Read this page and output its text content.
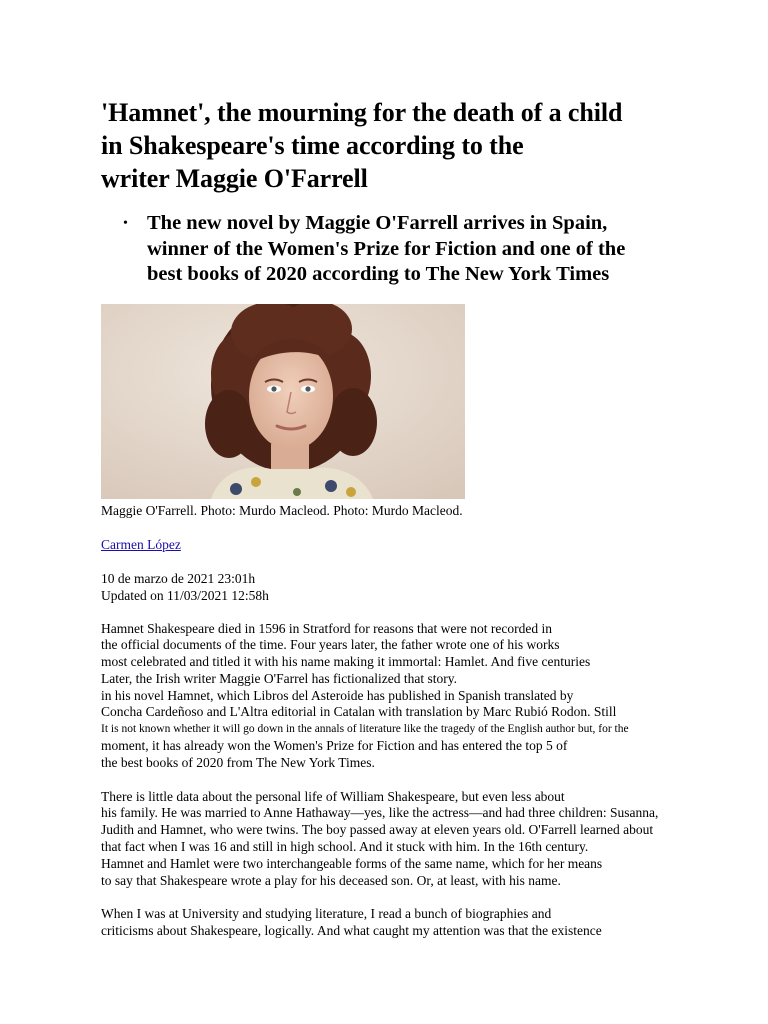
'Hamnet', the mourning for the death of a child
in Shakespeare's time according to the
writer Maggie O'Farrell
• The new novel by Maggie O'Farrell arrives in Spain,
winner of the Women's Prize for Fiction and one of the
best books of 2020 according to The New York Times
Maggie O'Farrell. Photo: Murdo Macleod. Photo: Murdo Macleod.
Carmen López
10 de marzo de 2021 23:01h
Updated on 11/03/2021 12:58h
Hamnet Shakespeare died in 1596 in Stratford for reasons that were not recorded in
the official documents of the time. Four years later, the father wrote one of his works
most celebrated and titled it with his name making it immortal: Hamlet. And five centuries
Later, the Irish writer Maggie O'Farrel has fictionalized that story.
in his novel Hamnet, which Libros del Asteroide has published in Spanish translated by
Concha Cardeñoso and L'Altra editorial in Catalan with translation by Marc Rubió Rodon. Still
It is not known whether it will go down in the annals of literature like the tragedy of the English author but, for the
moment, it has already won the Women's Prize for Fiction and has entered the top 5 of
the best books of 2020 from The New York Times.
There is little data about the personal life of William Shakespeare, but even less about
his family. He was married to Anne Hathaway—yes, like the actress—and had three children: Susanna,
Judith and Hamnet, who were twins. The boy passed away at eleven years old. O'Farrell learned about
that fact when I was 16 and still in high school. And it stuck with him. In the 16th century.
Hamnet and Hamlet were two interchangeable forms of the same name, which for her means
to say that Shakespeare wrote a play for his deceased son. Or, at least, with his name.
When I was at University and studying literature, I read a bunch of biographies and
criticisms about Shakespeare, logically. And what caught my attention was that the existence
